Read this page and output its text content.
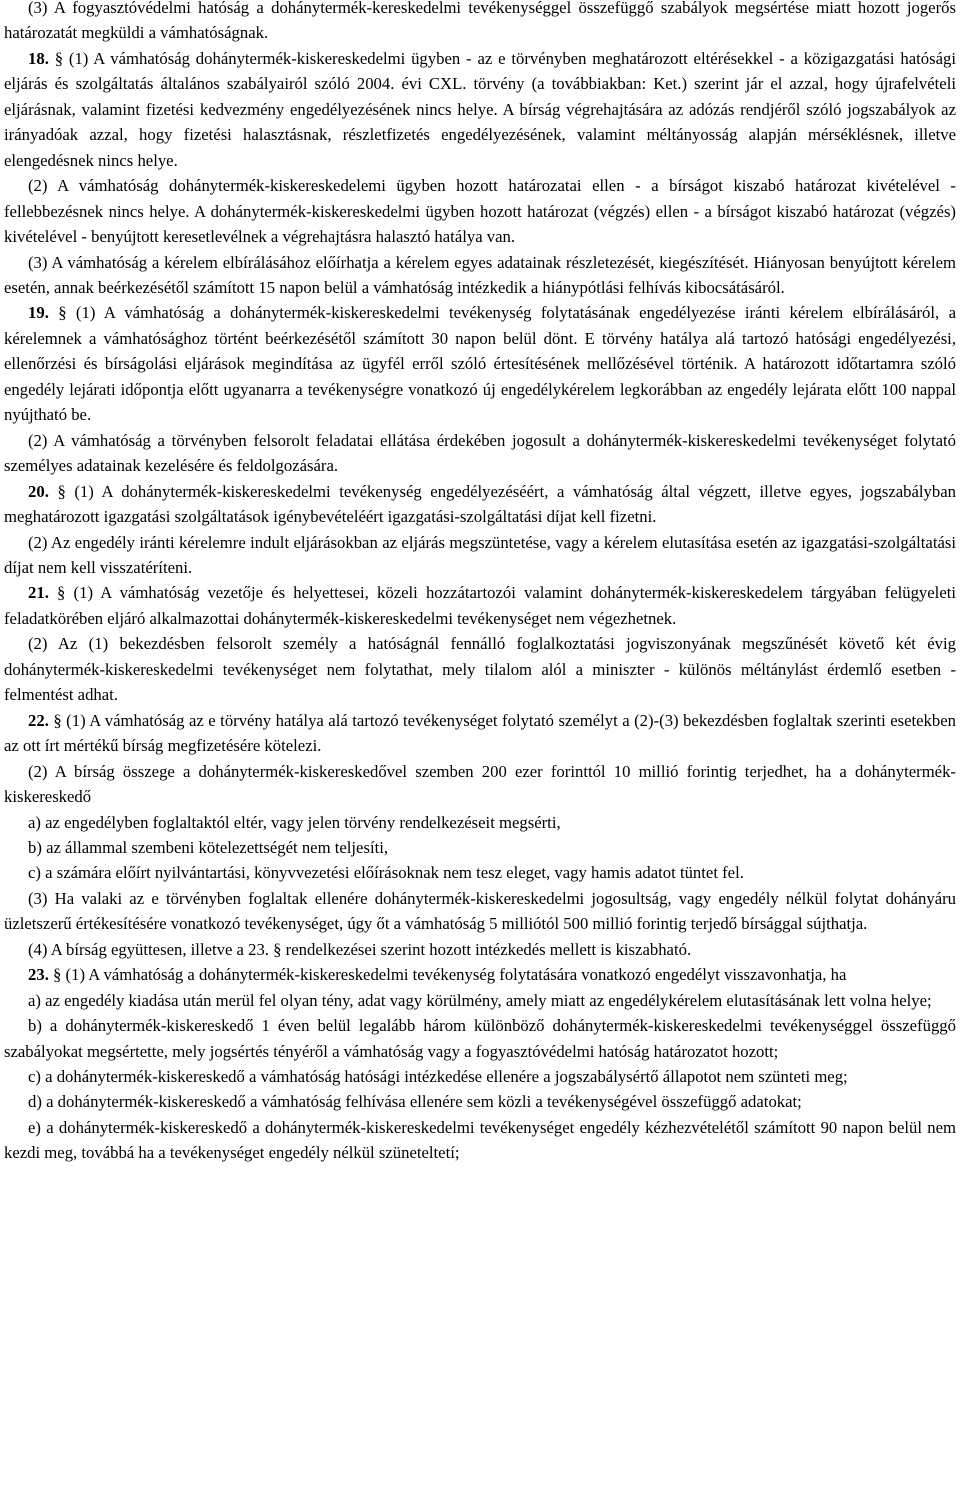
(3) A fogyasztóvédelmi hatóság a dohánytermék-kereskedelmi tevékenységgel összefüggő szabályok megsértése miatt hozott jogerős határozatát megküldi a vámhatóságnak.

18. § (1) A vámhatóság dohánytermék-kiskereskedelmi ügyben - az e törvényben meghatározott eltérésekkel - a közigazgatási hatósági eljárás és szolgáltatás általános szabályairól szóló 2004. évi CXL. törvény (a továbbiakban: Ket.) szerint jár el azzal, hogy újrafelvételi eljárásnak, valamint fizetési kedvezmény engedélyezésének nincs helye. A bírság végrehajtására az adózás rendjéről szóló jogszabályok az irányadóak azzal, hogy fizetési halasztásnak, részletfizetés engedélyezésének, valamint méltányosság alapján mérséklésnek, illetve elengedésnek nincs helye.

(2) A vámhatóság dohánytermék-kiskereskedelemi ügyben hozott határozatai ellen - a bírságot kiszabó határozat kivételével - fellebbezésnek nincs helye. A dohánytermék-kiskereskedelmi ügyben hozott határozat (végzés) ellen - a bírságot kiszabó határozat (végzés) kivételével - benyújtott keresetlevélnek a végrehajtásra halasztó hatálya van.

(3) A vámhatóság a kérelem elbírálásához előírhatja a kérelem egyes adatainak részletezését, kiegészítését. Hiányosan benyújtott kérelem esetén, annak beérkezésétől számított 15 napon belül a vámhatóság intézkedik a hiánypótlási felhívás kibocsátásáról.

19. § (1) A vámhatóság a dohánytermék-kiskereskedelmi tevékenység folytatásának engedélyezése iránti kérelem elbírálásáról, a kérelemnek a vámhatósághoz történt beérkezésétől számított 30 napon belül dönt. E törvény hatálya alá tartozó hatósági engedélyezési, ellenőrzési és bírságolási eljárások megindítása az ügyfél erről szóló értesítésének mellőzésével történik. A határozott időtartamra szóló engedély lejárati időpontja előtt ugyanarra a tevékenységre vonatkozó új engedélykérelem legkorábban az engedély lejárata előtt 100 nappal nyújtható be.

(2) A vámhatóság a törvényben felsorolt feladatai ellátása érdekében jogosult a dohánytermék-kiskereskedelmi tevékenységet folytató személyes adatainak kezelésére és feldolgozására.

20. § (1) A dohánytermék-kiskereskedelmi tevékenység engedélyezéséért, a vámhatóság által végzett, illetve egyes, jogszabályban meghatározott igazgatási szolgáltatások igénybevételéért igazgatási-szolgáltatási díjat kell fizetni.

(2) Az engedély iránti kérelemre indult eljárásokban az eljárás megszüntetése, vagy a kérelem elutasítása esetén az igazgatási-szolgáltatási díjat nem kell visszatéríteni.

21. § (1) A vámhatóság vezetője és helyettesei, közeli hozzátartozói valamint dohánytermék-kiskereskedelem tárgyában felügyeleti feladatkörében eljáró alkalmazottai dohánytermék-kiskereskedelmi tevékenységet nem végezhetnek.

(2) Az (1) bekezdésben felsorolt személy a hatóságnál fennálló foglalkoztatási jogviszonyának megszűnését követő két évig dohánytermék-kiskereskedelmi tevékenységet nem folytathat, mely tilalom alól a miniszter - különös méltánylást érdemlő esetben - felmentést adhat.

22. § (1) A vámhatóság az e törvény hatálya alá tartozó tevékenységet folytató személyt a (2)-(3) bekezdésben foglaltak szerinti esetekben az ott írt mértékű bírság megfizetésére kötelezi.

(2) A bírság összege a dohánytermék-kiskereskedővel szemben 200 ezer forinttól 10 millió forintig terjedhet, ha a dohánytermék-kiskereskedő

a) az engedélyben foglaltaktól eltér, vagy jelen törvény rendelkezéseit megsérti,

b) az állammal szembeni kötelezettségét nem teljesíti,

c) a számára előírt nyilvántartási, könyvvezetési előírásoknak nem tesz eleget, vagy hamis adatot tüntet fel.

(3) Ha valaki az e törvényben foglaltak ellenére dohánytermék-kiskereskedelmi jogosultság, vagy engedély nélkül folytat dohányáru üzletszerű értékesítésére vonatkozó tevékenységet, úgy őt a vámhatóság 5 milliótól 500 millió forintig terjedő bírsággal sújthatja.

(4) A bírság együttesen, illetve a 23. § rendelkezései szerint hozott intézkedés mellett is kiszabható.

23. § (1) A vámhatóság a dohánytermék-kiskereskedelmi tevékenység folytatására vonatkozó engedélyt visszavonhatja, ha

a) az engedély kiadása után merül fel olyan tény, adat vagy körülmény, amely miatt az engedélykérelem elutasításának lett volna helye;

b) a dohánytermék-kiskereskedő 1 éven belül legalább három különböző dohánytermék-kiskereskedelmi tevékenységgel összefüggő szabályokat megsértette, mely jogsértés tényéről a vámhatóság vagy a fogyasztóvédelmi hatóság határozatot hozott;

c) a dohánytermék-kiskereskedő a vámhatóság hatósági intézkedése ellenére a jogszabálysértő állapotot nem szünteti meg;

d) a dohánytermék-kiskereskedő a vámhatóság felhívása ellenére sem közli a tevékenységével összefüggő adatokat;

e) a dohánytermék-kiskereskedő a dohánytermék-kiskereskedelmi tevékenységet engedély kézhezvételétől számított 90 napon belül nem kezdi meg, továbbá ha a tevékenységet engedély nélkül szüneteltetí;
